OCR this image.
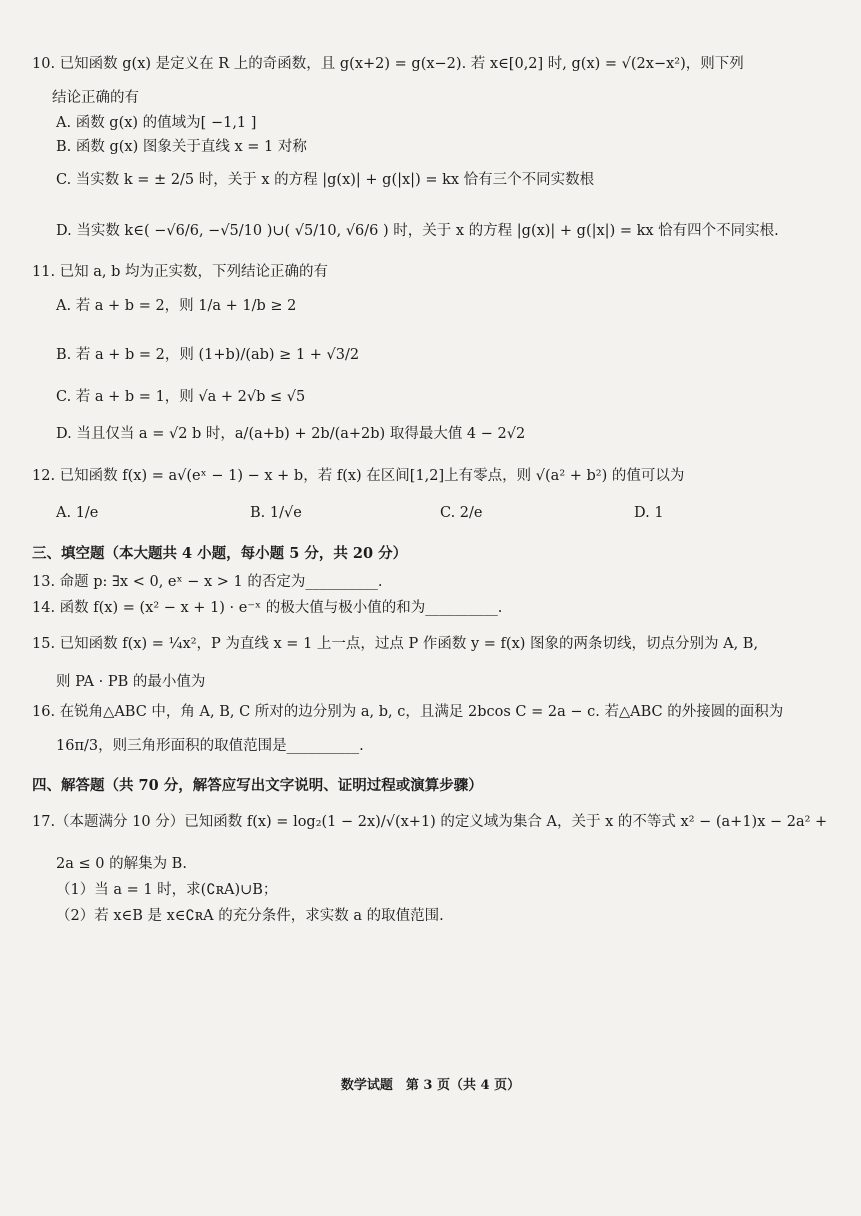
10. 已知函数 g(x) 是定义在 R 上的奇函数，且 g(x+2) = g(x−2). 若 x∈[0,2] 时, g(x) = √(2x−x²)，则下列
结论正确的有
A. 函数 g(x) 的值域为[ −1,1 ]
B. 函数 g(x) 图象关于直线 x = 1 对称
C. 当实数 k = ± 2/5 时，关于 x 的方程 |g(x)| + g(|x|) = kx 恰有三个不同实数根
D. 当实数 k∈( −√6/6, −√5/10 )∪( √5/10, √6/6 ) 时，关于 x 的方程 |g(x)| + g(|x|) = kx 恰有四个不同实根.
11. 已知 a, b 均为正实数，下列结论正确的有
A. 若 a + b = 2，则 1/a + 1/b ≥ 2
B. 若 a + b = 2，则 (1+b)/(ab) ≥ 1 + √3/2
C. 若 a + b = 1，则 √a + 2√b ≤ √5
D. 当且仅当 a = √2 b 时，a/(a+b) + 2b/(a+2b) 取得最大值 4 − 2√2
12. 已知函数 f(x) = a√(eˣ − 1) − x + b，若 f(x) 在区间[1,2]上有零点，则 √(a² + b²) 的值可以为
A. 1/e	B. 1/√e	C. 2/e	D. 1
三、填空题（本大题共 4 小题，每小题 5 分，共 20 分）
13. 命题 p: ∃x < 0, eˣ − x > 1 的否定为__________.
14. 函数 f(x) = (x² − x + 1) · e⁻ˣ 的极大值与极小值的和为__________.
15. 已知函数 f(x) = ¼x²，P 为直线 x = 1 上一点，过点 P 作函数 y = f(x) 图象的两条切线，切点分别为 A, B,
则 PA · PB 的最小值为
16. 在锐角△ABC 中，角 A, B, C 所对的边分别为 a, b, c，且满足 2bcos C = 2a − c. 若△ABC 的外接圆的面积为
16π/3，则三角形面积的取值范围是__________.
四、解答题（共 70 分，解答应写出文字说明、证明过程或演算步骤）
17.（本题满分 10 分）已知函数 f(x) = log₂(1 − 2x)/√(x+1) 的定义域为集合 A，关于 x 的不等式 x² − (a+1)x − 2a² +
2a ≤ 0 的解集为 B.
（1）当 a = 1 时，求(∁ʀA)∪B；
（2）若 x∈B 是 x∈∁ʀA 的充分条件，求实数 a 的取值范围.
数学试题　第 3 页（共 4 页）
